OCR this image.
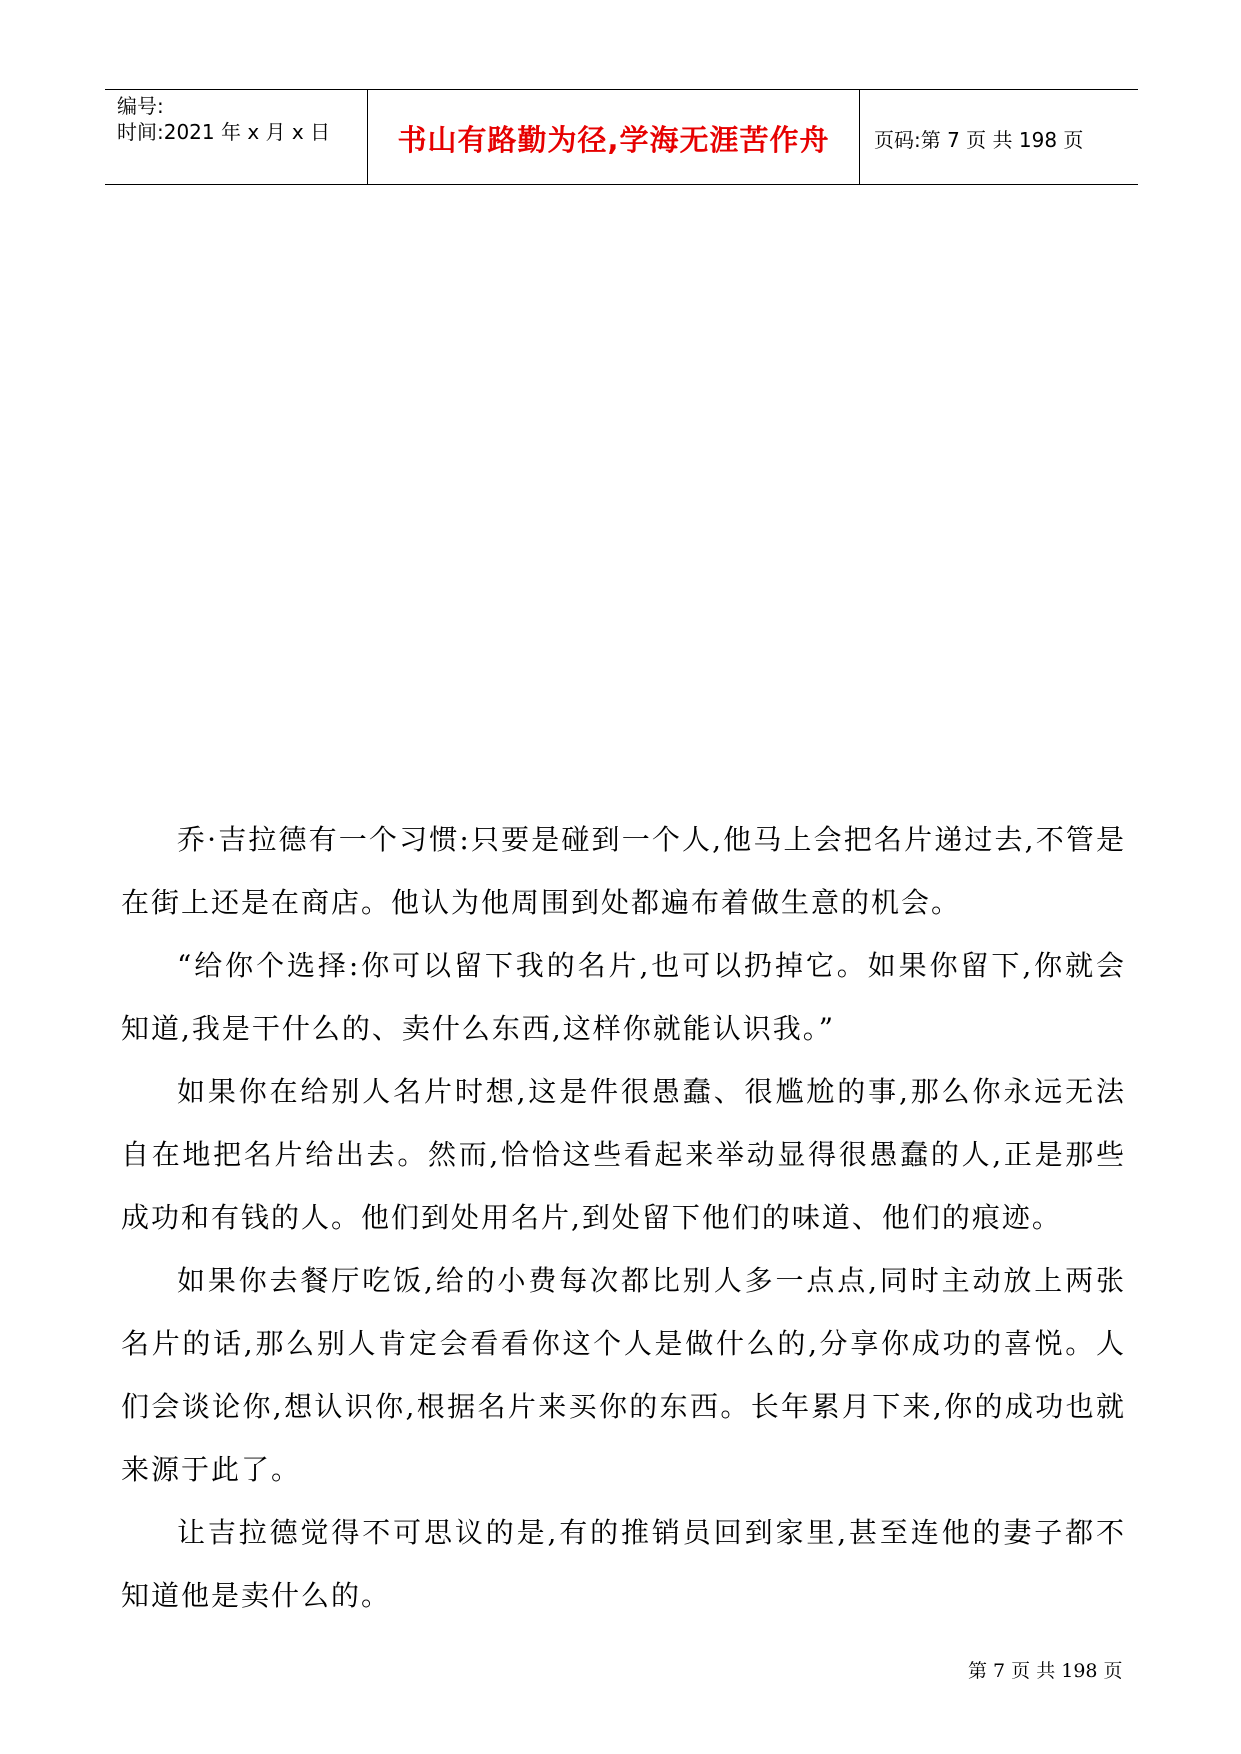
编号:
时间:2021 年 x 月 x 日 书山有路勤为径,学海无涯苦作舟 页码:第 7 页 共 198 页

乔·吉拉德有一个习惯:只要是碰到一个人,他马上会把名片递过去,不管是在街上还是在商店。他认为他周围到处都遍布着做生意的机会。

“给你个选择:你可以留下我的名片,也可以扔掉它。如果你留下,你就会知道,我是干什么的、卖什么东西,这样你就能认识我。”

如果你在给别人名片时想,这是件很愚蠢、很尴尬的事,那么你永远无法自在地把名片给出去。然而,恰恰这些看起来举动显得很愚蠢的人,正是那些成功和有钱的人。他们到处用名片,到处留下他们的味道、他们的痕迹。

如果你去餐厅吃饭,给的小费每次都比别人多一点点,同时主动放上两张名片的话,那么别人肯定会看看你这个人是做什么的,分享你成功的喜悦。人们会谈论你,想认识你,根据名片来买你的东西。长年累月下来,你的成功也就来源于此了。

让吉拉德觉得不可思议的是,有的推销员回到家里,甚至连他的妻子都不知道他是卖什么的。

第 7 页 共 198 页
